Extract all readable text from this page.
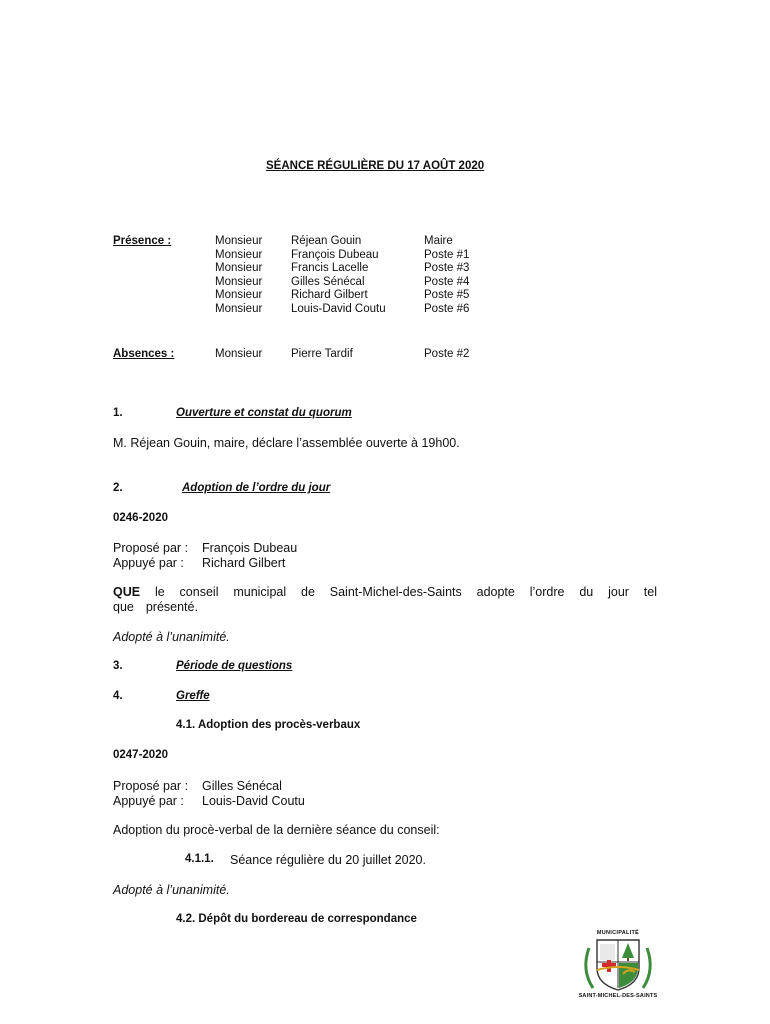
SÉANCE RÉGULIÈRE DU 17 AOÛT 2020
Présence :	Monsieur Réjean Gouin	Maire
Monsieur François Dubeau	Poste #1
Monsieur Francis Lacelle	Poste #3
Monsieur Gilles Sénécal	Poste #4
Monsieur Richard Gilbert	Poste #5
Monsieur Louis-David Coutu	Poste #6
Absences :	Monsieur Pierre Tardif	Poste #2
1.	Ouverture et constat du quorum
M. Réjean Gouin, maire, déclare l’assemblée ouverte à 19h00.
2.	Adoption de l’ordre du jour
0246-2020
Proposé par : François Dubeau
Appuyé par : Richard Gilbert
QUE le conseil municipal de Saint-Michel-des-Saints adopte l’ordre du jour tel que présenté.
Adopté à l’unanimité.
3.	Période de questions
4.	Greffe
4.1. Adoption des procès-verbaux
0247-2020
Proposé par : Gilles Sénécal
Appuyé par : Louis-David Coutu
Adoption du procè-verbal de la dernière séance du conseil:
4.1.1. Séance régulière du 20 juillet 2020.
Adopté à l’unanimité.
4.2. Dépôt du bordereau de correspondance
MUNICIPALITÉ
SAINT-MICHEL-DES-SAINTS
